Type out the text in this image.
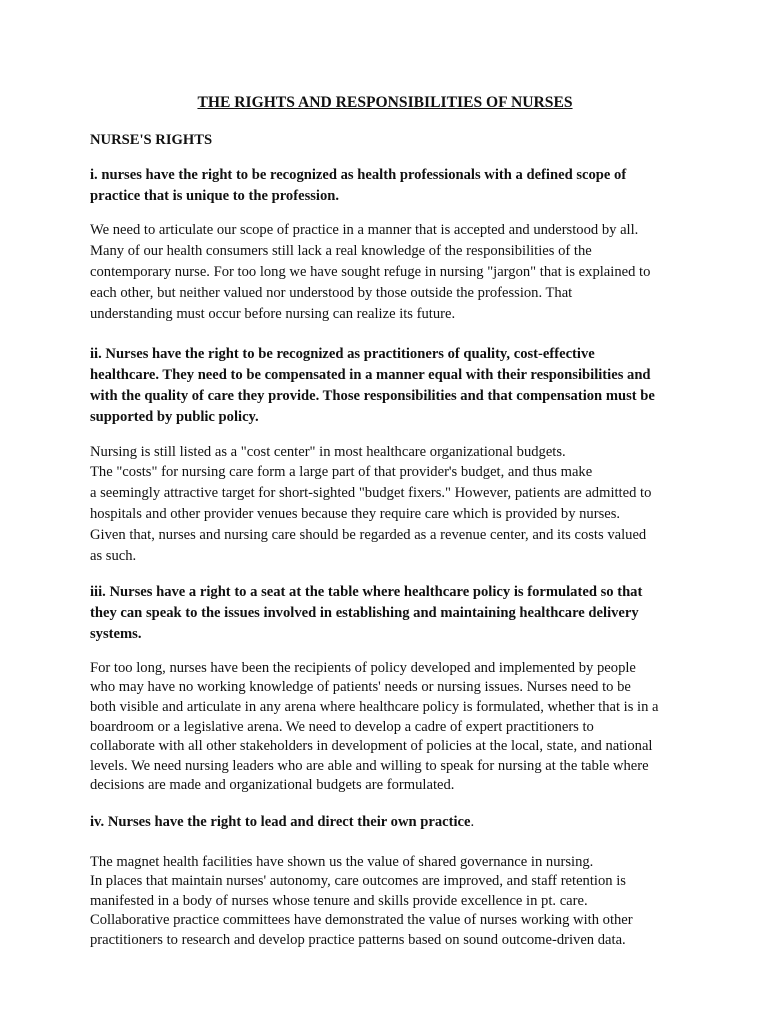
THE RIGHTS AND RESPONSIBILITIES OF NURSES
NURSE'S RIGHTS
i. nurses have the right to be recognized as health professionals with a defined scope of
practice that is unique to the profession.
We need to articulate our scope of practice in a manner that is accepted and understood by all.
Many of our health consumers still lack a real knowledge of the responsibilities of the
contemporary nurse. For too long we have sought refuge in nursing "jargon" that is explained to
each other, but neither valued nor understood by those outside the profession. That
understanding must occur before nursing can realize its future.
ii. Nurses have the right to be recognized as practitioners of quality, cost-effective
healthcare. They need to be compensated in a manner equal with their responsibilities and
with the quality of care they provide. Those responsibilities and that compensation must be
supported by public policy.
Nursing is still listed as a "cost center" in most healthcare organizational budgets.
The "costs" for nursing care form a large part of that provider's budget, and thus make
a seemingly attractive target for short-sighted "budget fixers." However, patients are admitted to
hospitals and other provider venues because they require care which is provided by nurses.
Given that, nurses and nursing care should be regarded as a revenue center, and its costs valued
as such.
iii. Nurses have a right to a seat at the table where healthcare policy is formulated so that
they can speak to the issues involved in establishing and maintaining healthcare delivery
systems.
For too long, nurses have been the recipients of policy developed and implemented by people
who may have no working knowledge of patients' needs or nursing issues. Nurses need to be
both visible and articulate in any arena where healthcare policy is formulated, whether that is in a
boardroom or a legislative arena. We need to develop a cadre of expert practitioners to
collaborate with all other stakeholders in development of policies at the local, state, and national
levels. We need nursing leaders who are able and willing to speak for nursing at the table where
decisions are made and organizational budgets are formulated.
iv. Nurses have the right to lead and direct their own practice.
The magnet health facilities have shown us the value of shared governance in nursing.
In places that maintain nurses' autonomy, care outcomes are improved, and staff retention is
manifested in a body of nurses whose tenure and skills provide excellence in pt. care.
Collaborative practice committees have demonstrated the value of nurses working with other
practitioners to research and develop practice patterns based on sound outcome-driven data.
